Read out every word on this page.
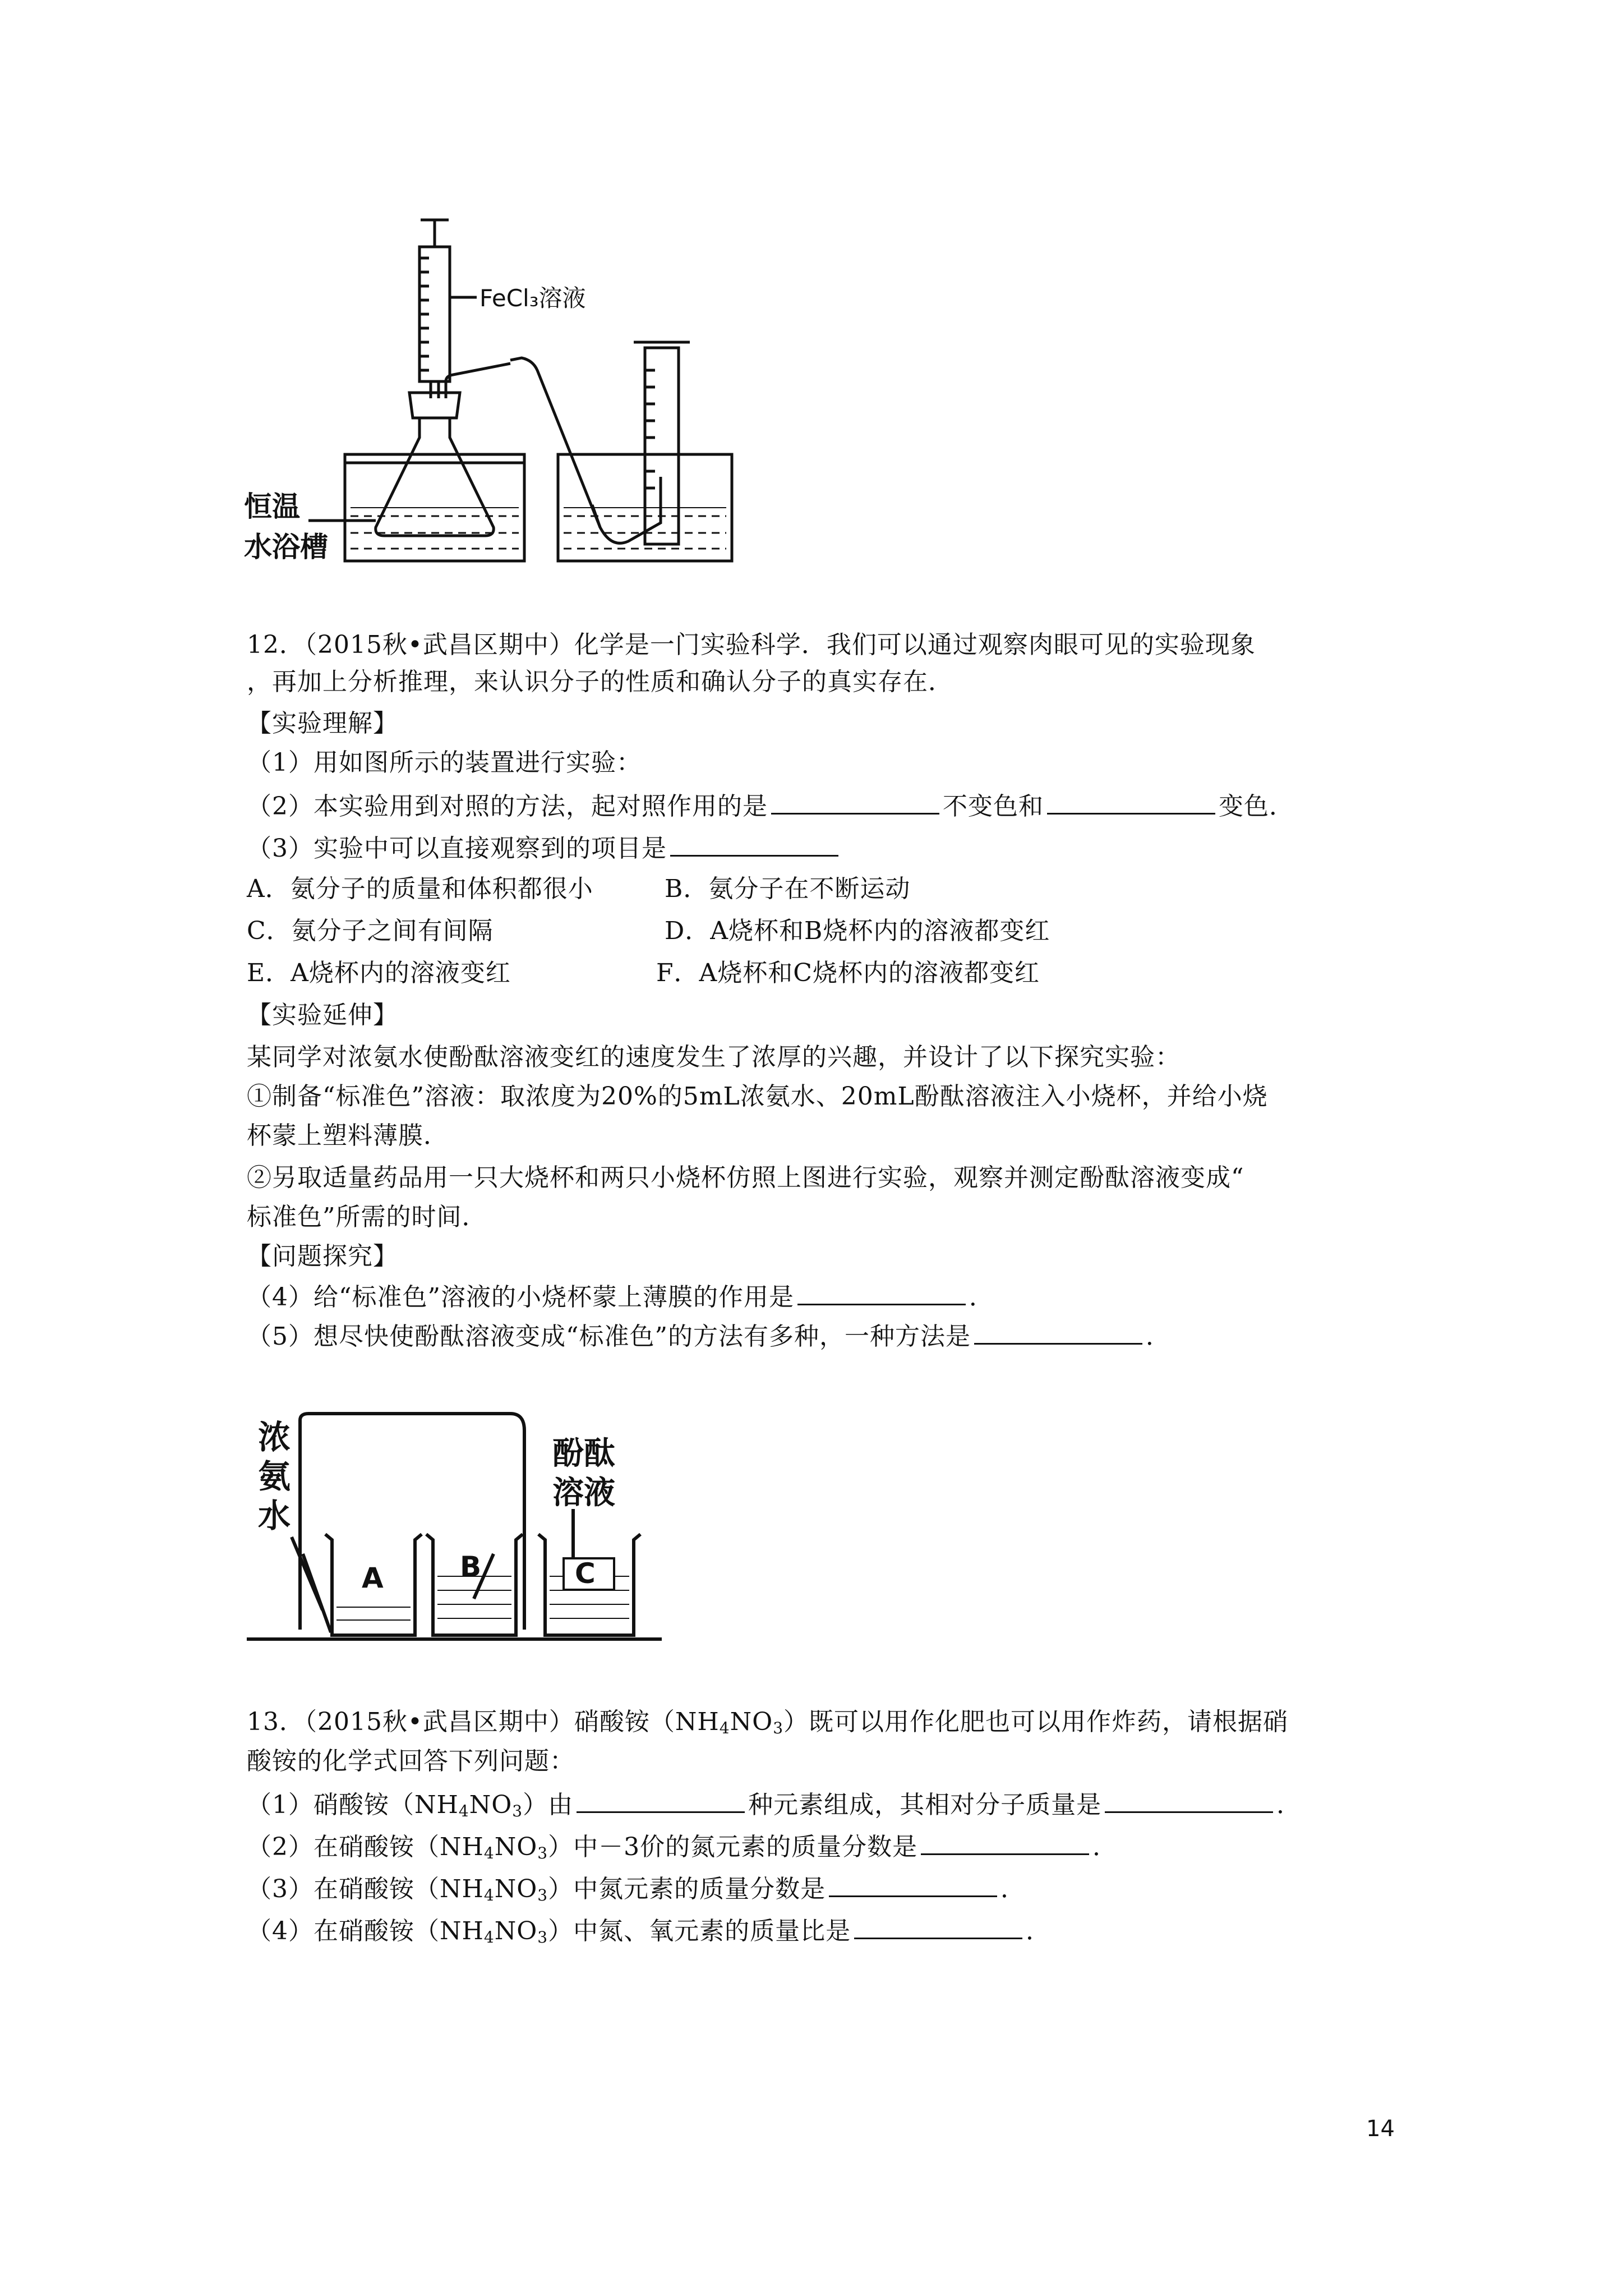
FeCl₃溶液
恒温
水浴槽
12．（2015秋•武昌区期中）化学是一门实验科学．我们可以通过观察肉眼可见的实验现象
，再加上分析推理，来认识分子的性质和确认分子的真实存在．
【实验理解】
（1）用如图所示的装置进行实验：
（2）本实验用到对照的方法，起对照作用的是	不变色和	变色．
（3）实验中可以直接观察到的项目是
A．氨分子的质量和体积都很小	B．氨分子在不断运动
C．氨分子之间有间隔	D．A烧杯和B烧杯内的溶液都变红
E．A烧杯内的溶液变红	F．A烧杯和C烧杯内的溶液都变红
【实验延伸】
某同学对浓氨水使酚酞溶液变红的速度发生了浓厚的兴趣，并设计了以下探究实验：
①制备“标准色”溶液：取浓度为20%的5mL浓氨水、20mL酚酞溶液注入小烧杯，并给小烧
杯蒙上塑料薄膜．
②另取适量药品用一只大烧杯和两只小烧杯仿照上图进行实验，观察并测定酚酞溶液变成“
标准色”所需的时间．
【问题探究】
（4）给“标准色”溶液的小烧杯蒙上薄膜的作用是	．
（5）想尽快使酚酞溶液变成“标准色”的方法有多种，一种方法是	．
浓
氨
水
酚酞
溶液
A	B	C
13．（2015秋•武昌区期中）硝酸铵$(NH_4NO_3)$既可以用作化肥也可以用作炸药，请根据硝
酸铵的化学式回答下列问题：
（1）硝酸铵$(NH_4NO_3)$由	种元素组成，其相对分子质量是	．
（2）在硝酸铵$(NH_4NO_3)$中－3价的氮元素的质量分数是	．
（3）在硝酸铵$(NH_4NO_3)$中氮元素的质量分数是	．
（4）在硝酸铵$(NH_4NO_3)$中氮、氧元素的质量比是	．
14
